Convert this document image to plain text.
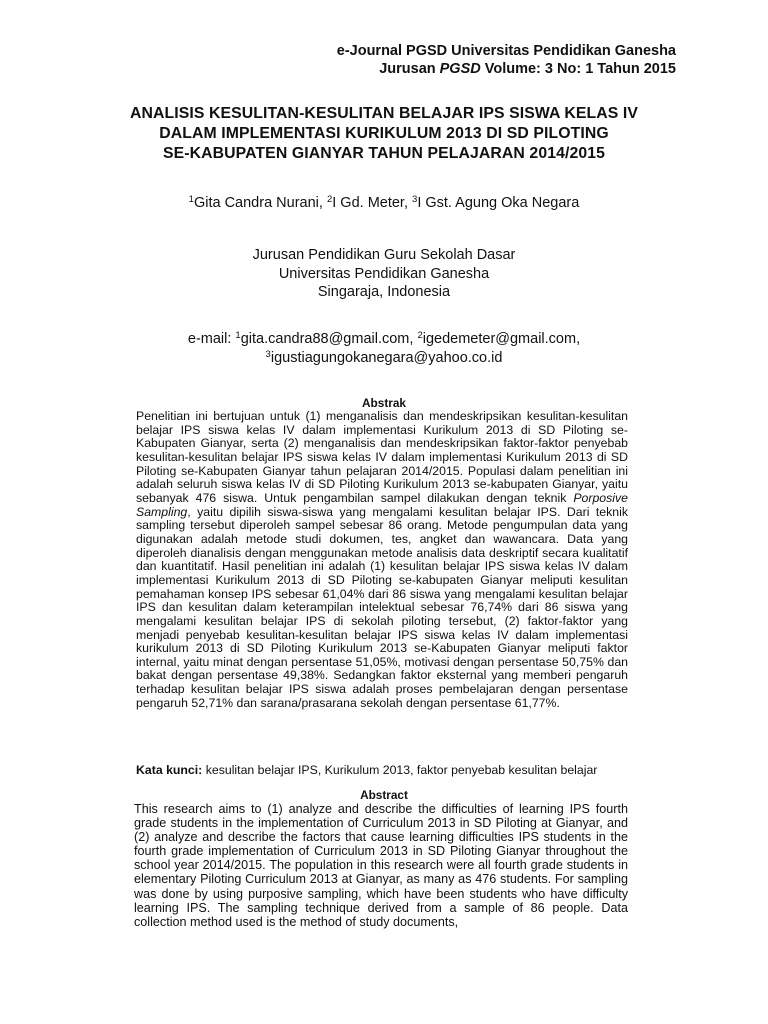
e-Journal PGSD Universitas Pendidikan Ganesha
Jurusan PGSD Volume: 3 No: 1 Tahun 2015
ANALISIS KESULITAN-KESULITAN BELAJAR IPS SISWA KELAS IV
DALAM IMPLEMENTASI KURIKULUM 2013 DI SD PILOTING
SE-KABUPATEN GIANYAR TAHUN PELAJARAN 2014/2015
$^1$Gita Candra Nurani, $^2$I Gd. Meter, $^3$I Gst. Agung Oka Negara
Jurusan Pendidikan Guru Sekolah Dasar
Universitas Pendidikan Ganesha
Singaraja, Indonesia
e-mail: $^1$gita.candra88@gmail.com, $^2$igedemeter@gmail.com,
$^3$igustiagungokanegara@yahoo.co.id
Abstrak
Penelitian ini bertujuan untuk (1) menganalisis dan mendeskripsikan kesulitan-kesulitan belajar IPS siswa kelas IV dalam implementasi Kurikulum 2013 di SD Piloting se-Kabupaten Gianyar, serta (2) menganalisis dan mendeskripsikan faktor-faktor penyebab kesulitan-kesulitan belajar IPS siswa kelas IV dalam implementasi Kurikulum 2013 di SD Piloting se-Kabupaten Gianyar tahun pelajaran 2014/2015. Populasi dalam penelitian ini adalah seluruh siswa kelas IV di SD Piloting Kurikulum 2013 se-kabupaten Gianyar, yaitu sebanyak 476 siswa. Untuk pengambilan sampel dilakukan dengan teknik Porposive Sampling, yaitu dipilih siswa-siswa yang mengalami kesulitan belajar IPS. Dari teknik sampling tersebut diperoleh sampel sebesar 86 orang. Metode pengumpulan data yang digunakan adalah metode studi dokumen, tes, angket dan wawancara. Data yang diperoleh dianalisis dengan menggunakan metode analisis data deskriptif secara kualitatif dan kuantitatif. Hasil penelitian ini adalah (1) kesulitan belajar IPS siswa kelas IV dalam implementasi Kurikulum 2013 di SD Piloting se-kabupaten Gianyar meliputi kesulitan pemahaman konsep IPS sebesar 61,04% dari 86 siswa yang mengalami kesulitan belajar IPS dan kesulitan dalam keterampilan intelektual sebesar 76,74% dari 86 siswa yang mengalami kesulitan belajar IPS di sekolah piloting tersebut, (2) faktor-faktor yang menjadi penyebab kesulitan-kesulitan belajar IPS siswa kelas IV dalam implementasi kurikulum 2013 di SD Piloting Kurikulum 2013 se-Kabupaten Gianyar meliputi faktor internal, yaitu minat dengan persentase 51,05%, motivasi dengan persentase 50,75% dan bakat dengan persentase 49,38%. Sedangkan faktor eksternal yang memberi pengaruh terhadap kesulitan belajar IPS siswa adalah proses pembelajaran dengan persentase pengaruh 52,71% dan sarana/prasarana sekolah dengan persentase 61,77%.
Kata kunci: kesulitan belajar IPS, Kurikulum 2013, faktor penyebab kesulitan belajar
Abstract
This research aims to (1) analyze and describe the difficulties of learning IPS fourth grade students in the implementation of Curriculum 2013 in SD Piloting at Gianyar, and (2) analyze and describe the factors that cause learning difficulties IPS students in the fourth grade implementation of Curriculum 2013 in SD Piloting Gianyar throughout the school year 2014/2015. The population in this research were all fourth grade students in elementary Piloting Curriculum 2013 at Gianyar, as many as 476 students. For sampling was done by using purposive sampling, which have been students who have difficulty learning IPS. The sampling technique derived from a sample of 86 people. Data collection method used is the method of study documents,
